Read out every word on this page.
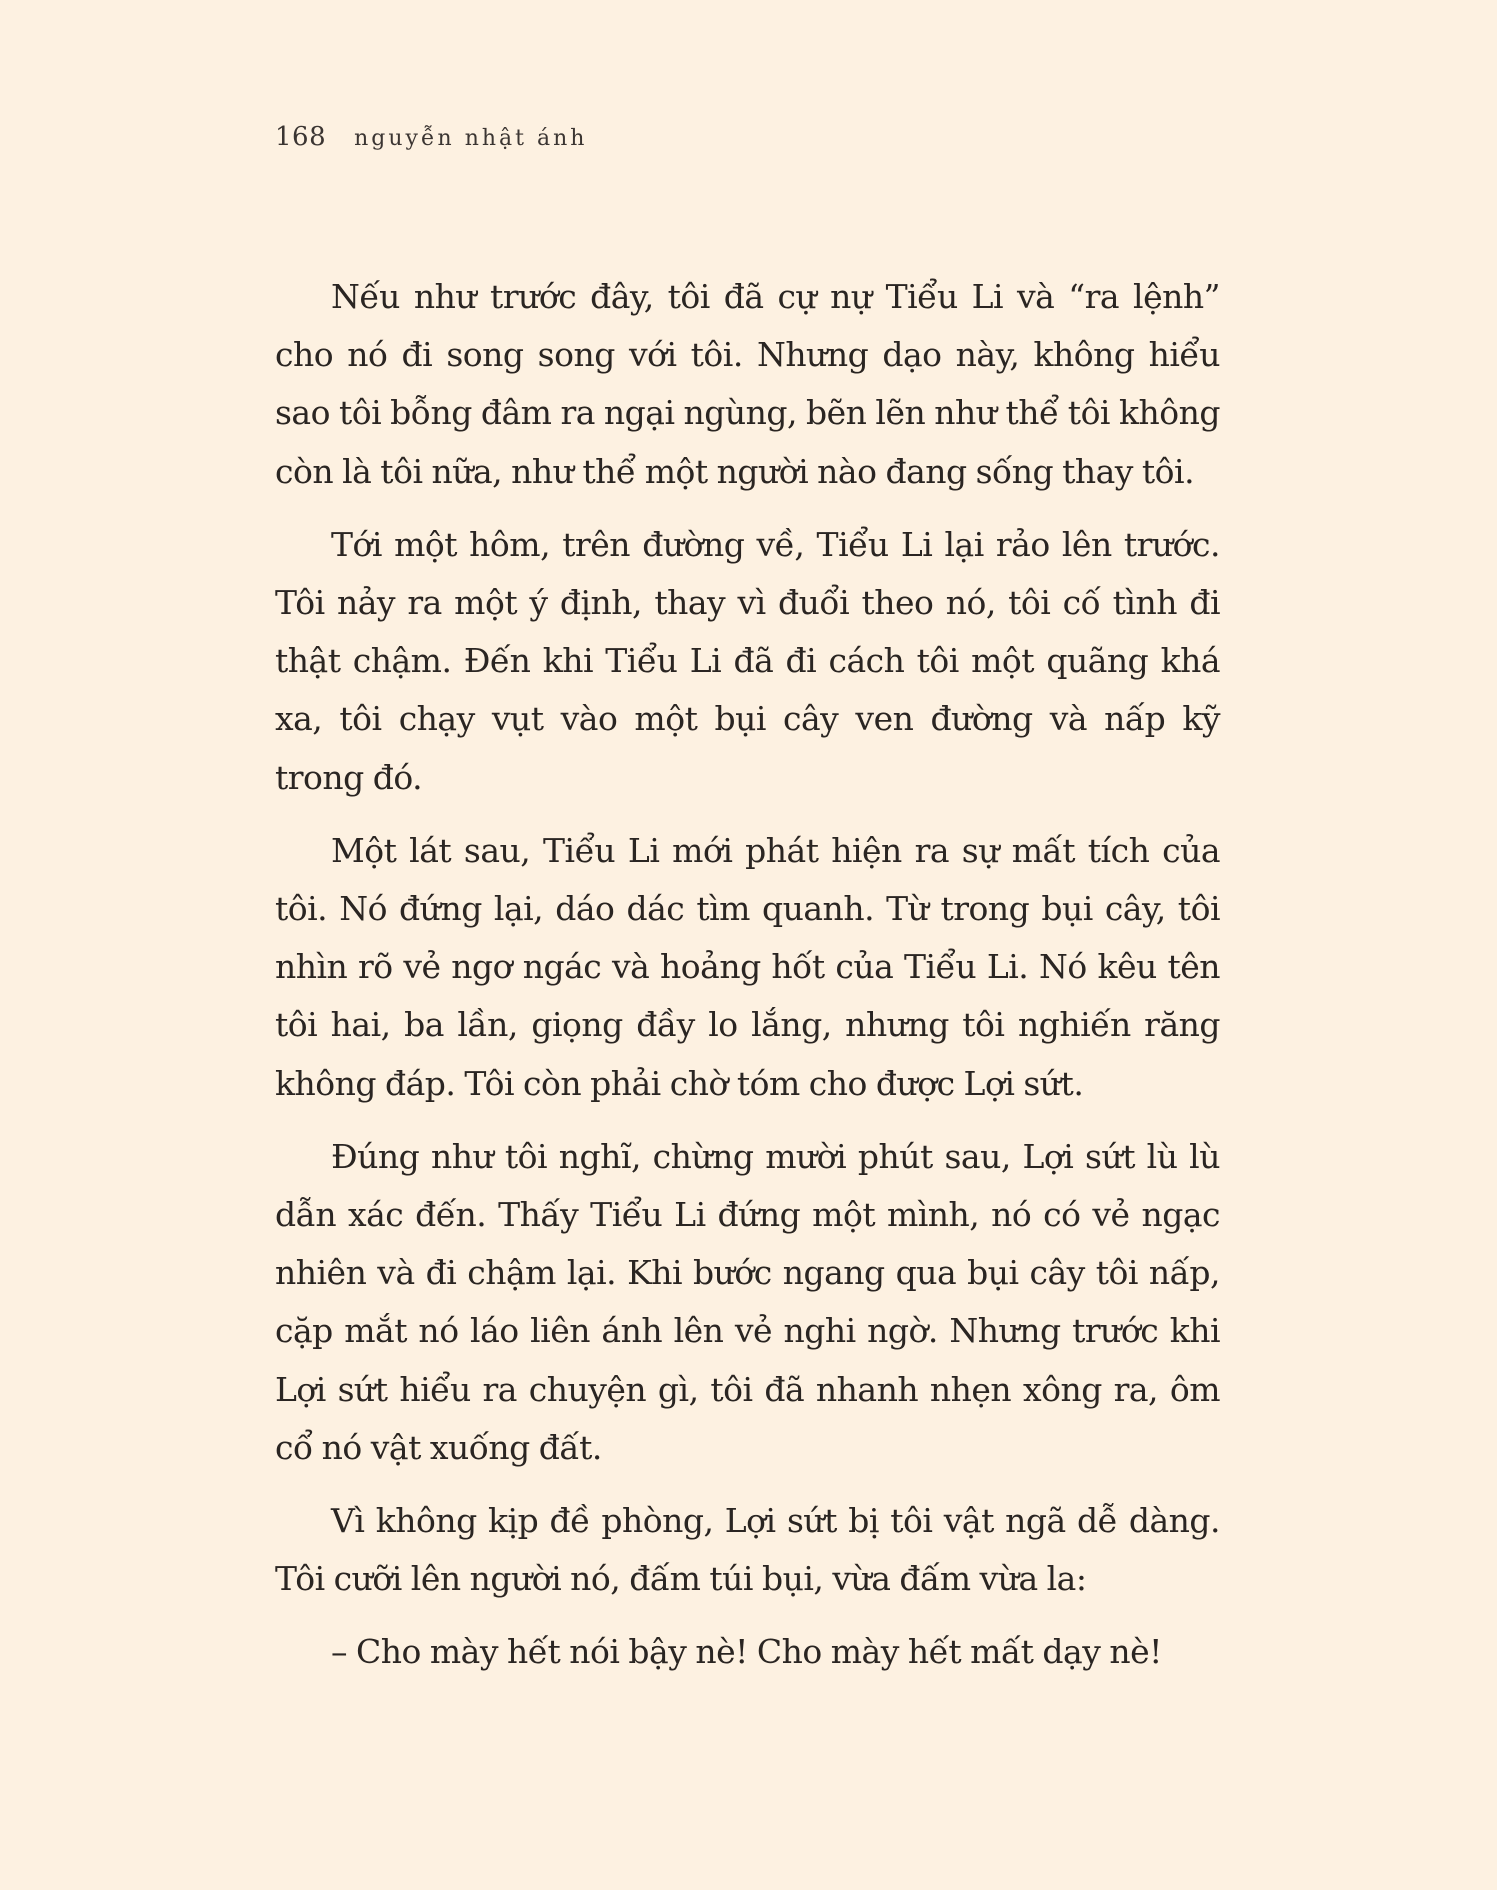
168 nguyễn nhật ánh

Nếu như trước đây, tôi đã cự nự Tiểu Li và “ra lệnh” cho nó đi song song với tôi. Nhưng dạo này, không hiểu sao tôi bỗng đâm ra ngại ngùng, bẽn lẽn như thể tôi không còn là tôi nữa, như thể một người nào đang sống thay tôi.

Tới một hôm, trên đường về, Tiểu Li lại rảo lên trước. Tôi nảy ra một ý định, thay vì đuổi theo nó, tôi cố tình đi thật chậm. Đến khi Tiểu Li đã đi cách tôi một quãng khá xa, tôi chạy vụt vào một bụi cây ven đường và nấp kỹ trong đó.

Một lát sau, Tiểu Li mới phát hiện ra sự mất tích của tôi. Nó đứng lại, dáo dác tìm quanh. Từ trong bụi cây, tôi nhìn rõ vẻ ngơ ngác và hoảng hốt của Tiểu Li. Nó kêu tên tôi hai, ba lần, giọng đầy lo lắng, nhưng tôi nghiến răng không đáp. Tôi còn phải chờ tóm cho được Lợi sứt.

Đúng như tôi nghĩ, chừng mười phút sau, Lợi sứt lù lù dẫn xác đến. Thấy Tiểu Li đứng một mình, nó có vẻ ngạc nhiên và đi chậm lại. Khi bước ngang qua bụi cây tôi nấp, cặp mắt nó láo liên ánh lên vẻ nghi ngờ. Nhưng trước khi Lợi sứt hiểu ra chuyện gì, tôi đã nhanh nhẹn xông ra, ôm cổ nó vật xuống đất.

Vì không kịp đề phòng, Lợi sứt bị tôi vật ngã dễ dàng. Tôi cưỡi lên người nó, đấm túi bụi, vừa đấm vừa la:

– Cho mày hết nói bậy nè! Cho mày hết mất dạy nè!
